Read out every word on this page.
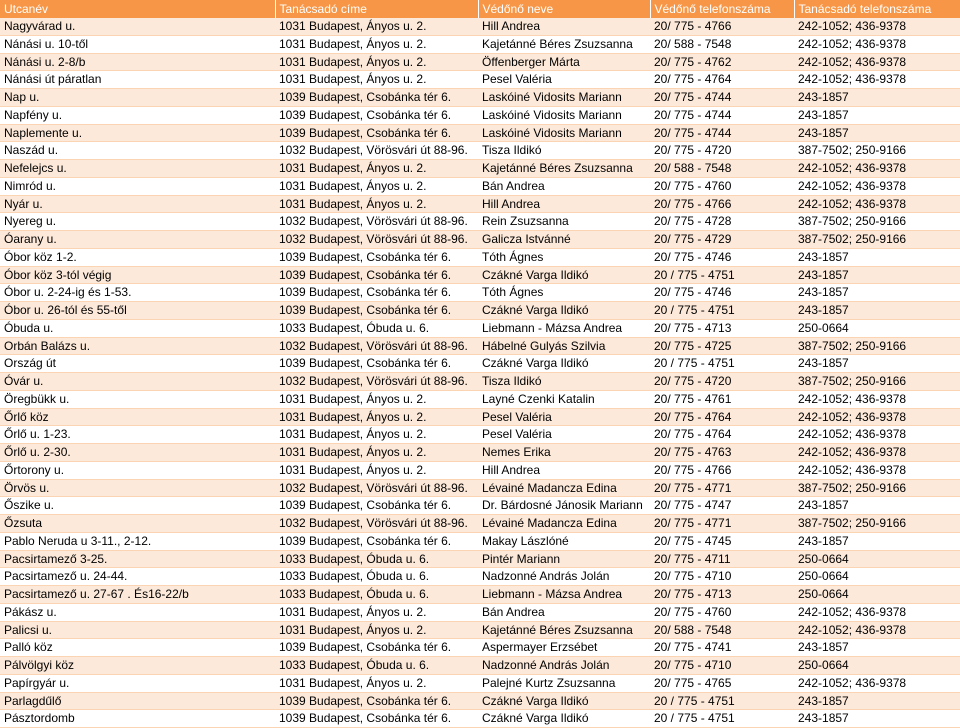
Utcanév	Tanácsadó címe	Védőnő neve	Védőnő telefonszáma	Tanácsadó telefonszáma
Nagyvárad u.	1031 Budapest, Ányos u. 2.	Hill Andrea	20/ 775 - 4766	242-1052; 436-9378
Nánási u. 10-től	1031 Budapest, Ányos u. 2.	Kajetánné Béres Zsuzsanna	20/ 588 - 7548	242-1052; 436-9378
Nánási u. 2-8/b	1031 Budapest, Ányos u. 2.	Öffenberger Márta	20/ 775 - 4762	242-1052; 436-9378
Nánási út páratlan	1031 Budapest, Ányos u. 2.	Pesel Valéria	20/ 775 - 4764	242-1052; 436-9378
Nap u.	1039 Budapest, Csobánka tér 6.	Laskóiné Vidosits Mariann	20/ 775 - 4744	243-1857
Napfény u.	1039 Budapest, Csobánka tér 6.	Laskóiné Vidosits Mariann	20/ 775 - 4744	243-1857
Naplemente u.	1039 Budapest, Csobánka tér 6.	Laskóiné Vidosits Mariann	20/ 775 - 4744	243-1857
Naszád u.	1032 Budapest, Vörösvári út 88-96.	Tisza Ildikó	20/ 775 - 4720	387-7502; 250-9166
Nefelejcs u.	1031 Budapest, Ányos u. 2.	Kajetánné Béres Zsuzsanna	20/ 588 - 7548	242-1052; 436-9378
Nimród u.	1031 Budapest, Ányos u. 2.	Bán Andrea	20/ 775 - 4760	242-1052; 436-9378
Nyár u.	1031 Budapest, Ányos u. 2.	Hill Andrea	20/ 775 - 4766	242-1052; 436-9378
Nyereg u.	1032 Budapest, Vörösvári út 88-96.	Rein Zsuzsanna	20/ 775 - 4728	387-7502; 250-9166
Óarany u.	1032 Budapest, Vörösvári út 88-96.	Galicza Istvánné	20/ 775 - 4729	387-7502; 250-9166
Óbor köz 1-2.	1039 Budapest, Csobánka tér 6.	Tóth Ágnes	20/ 775 - 4746	243-1857
Óbor köz 3-tól végig	1039 Budapest, Csobánka tér 6.	Czákné Varga Ildikó	20 / 775 - 4751	243-1857
Óbor u. 2-24-ig és 1-53.	1039 Budapest, Csobánka tér 6.	Tóth Ágnes	20/ 775 - 4746	243-1857
Óbor u. 26-tól és 55-től	1039 Budapest, Csobánka tér 6.	Czákné Varga Ildikó	20 / 775 - 4751	243-1857
Óbuda u.	1033 Budapest, Óbuda u. 6.	Liebmann - Mázsa Andrea	20/ 775 - 4713	250-0664
Orbán Balázs u.	1032 Budapest, Vörösvári út 88-96.	Hábelné Gulyás Szilvia	20/ 775 - 4725	387-7502; 250-9166
Ország út	1039 Budapest, Csobánka tér 6.	Czákné Varga Ildikó	20 / 775 - 4751	243-1857
Óvár u.	1032 Budapest, Vörösvári út 88-96.	Tisza Ildikó	20/ 775 - 4720	387-7502; 250-9166
Öregbükk u.	1031 Budapest, Ányos u. 2.	Layné Czenki Katalin	20/ 775 - 4761	242-1052; 436-9378
Őrlő köz	1031 Budapest, Ányos u. 2.	Pesel Valéria	20/ 775 - 4764	242-1052; 436-9378
Őrlő u. 1-23.	1031 Budapest, Ányos u. 2.	Pesel Valéria	20/ 775 - 4764	242-1052; 436-9378
Őrlő u. 2-30.	1031 Budapest, Ányos u. 2.	Nemes Erika	20/ 775 - 4763	242-1052; 436-9378
Őrtorony u.	1031 Budapest, Ányos u. 2.	Hill Andrea	20/ 775 - 4766	242-1052; 436-9378
Örvös u.	1032 Budapest, Vörösvári út 88-96.	Lévainé Madancza Edina	20/ 775 - 4771	387-7502; 250-9166
Őszike u.	1039 Budapest, Csobánka tér 6.	Dr. Bárdosné Jánosik Mariann	20/ 775 - 4747	243-1857
Őzsuta	1032 Budapest, Vörösvári út 88-96.	Lévainé Madancza Edina	20/ 775 - 4771	387-7502; 250-9166
Pablo Neruda u 3-11., 2-12.	1039 Budapest, Csobánka tér 6.	Makay Lászlóné	20/ 775 - 4745	243-1857
Pacsirtamező 3-25.	1033 Budapest, Óbuda u. 6.	Pintér Mariann	20/ 775 - 4711	250-0664
Pacsirtamező u. 24-44.	1033 Budapest, Óbuda u. 6.	Nadzonné András Jolán	20/ 775 - 4710	250-0664
Pacsirtamező u. 27-67 . És16-22/b	1033 Budapest, Óbuda u. 6.	Liebmann - Mázsa Andrea	20/ 775 - 4713	250-0664
Pákász u.	1031 Budapest, Ányos u. 2.	Bán Andrea	20/ 775 - 4760	242-1052; 436-9378
Palicsi u.	1031 Budapest, Ányos u. 2.	Kajetánné Béres Zsuzsanna	20/ 588 - 7548	242-1052; 436-9378
Palló köz	1039 Budapest, Csobánka tér 6.	Aspermayer Erzsébet	20/ 775 - 4741	243-1857
Pálvölgyi köz	1033 Budapest, Óbuda u. 6.	Nadzonné András Jolán	20/ 775 - 4710	250-0664
Papírgyár u.	1031 Budapest, Ányos u. 2.	Palejné Kurtz Zsuzsanna	20/ 775 - 4765	242-1052; 436-9378
Parlagdűlő	1039 Budapest, Csobánka tér 6.	Czákné Varga Ildikó	20 / 775 - 4751	243-1857
Pásztordomb	1039 Budapest, Csobánka tér 6.	Czákné Varga Ildikó	20 / 775 - 4751	243-1857
